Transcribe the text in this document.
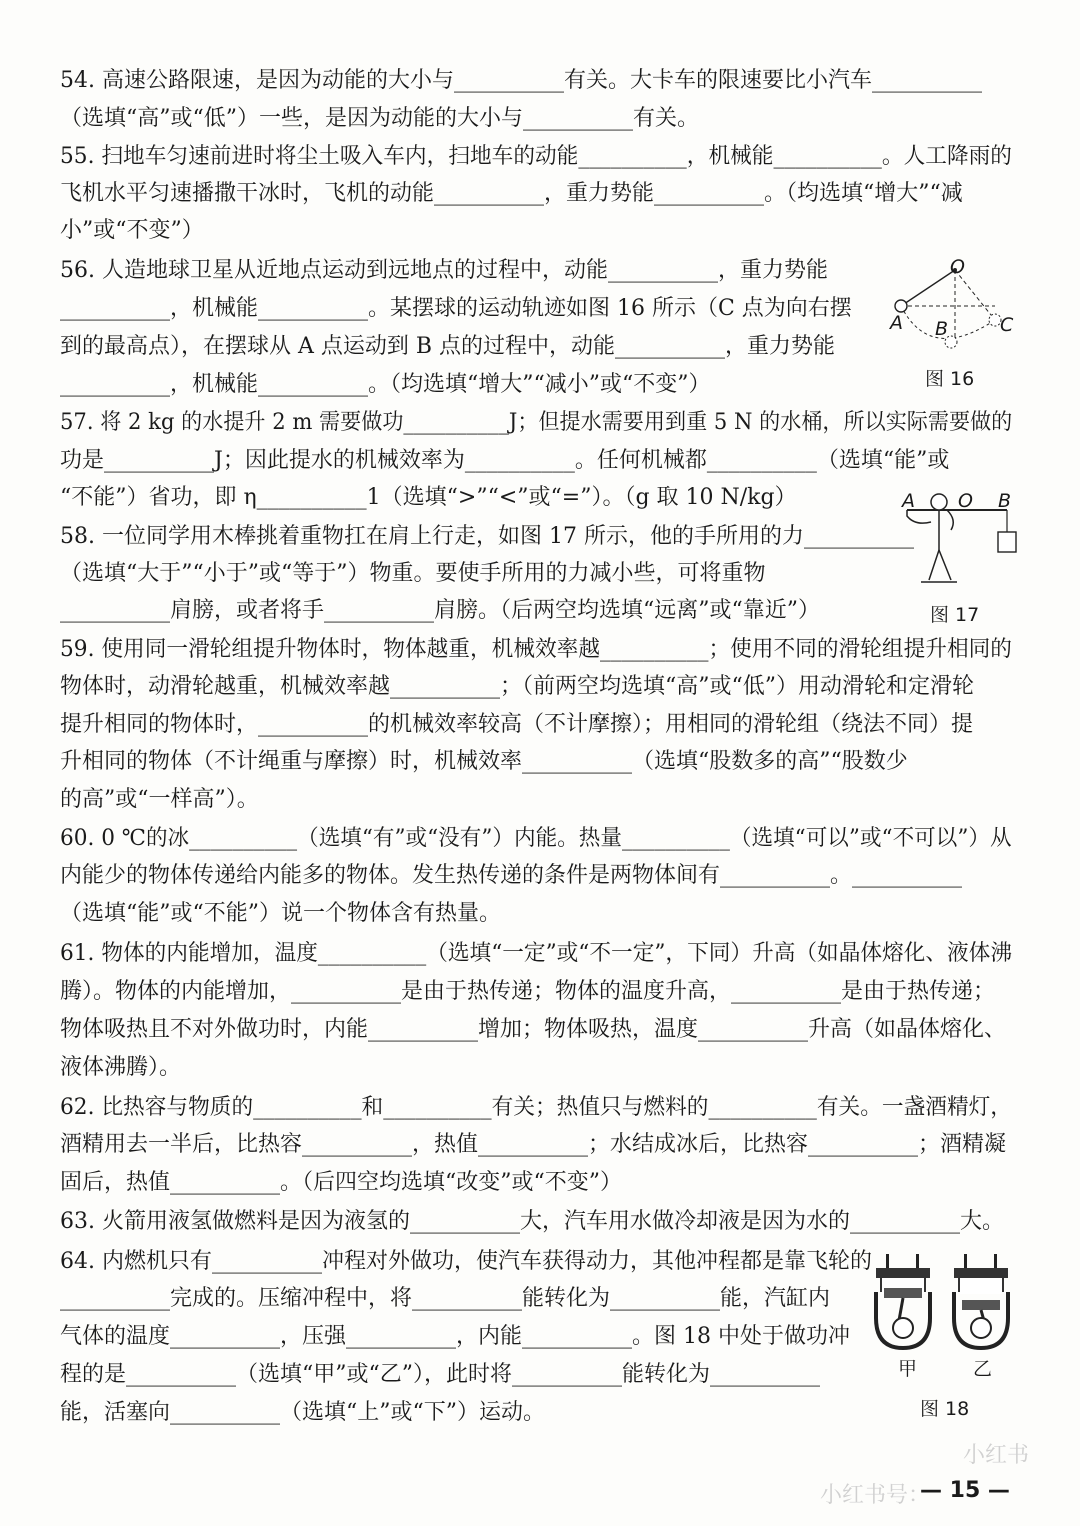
54. 高速公路限速，是因为动能的大小与__________有关。大卡车的限速要比小汽车__________
（选填“高”或“低”）一些，是因为动能的大小与__________有关。
55. 扫地车匀速前进时将尘土吸入车内，扫地车的动能__________，机械能__________。人工降雨的
飞机水平匀速播撒干冰时，飞机的动能__________，重力势能__________。（均选填“增大”“减
小”或“不变”）
56. 人造地球卫星从近地点运动到远地点的过程中，动能__________，重力势能
__________，机械能__________。某摆球的运动轨迹如图 16 所示（C 点为向右摆
到的最高点），在摆球从 A 点运动到 B 点的过程中，动能__________，重力势能
__________，机械能__________。（均选填“增大”“减小”或“不变”）
57. 将 2 kg 的水提升 2 m 需要做功__________J；但提水需要用到重 5 N 的水桶，所以实际需要做的
功是__________J；因此提水的机械效率为__________。任何机械都__________（选填“能”或
“不能”）省功，即 η__________1（选填“>”“<”或“=”）。（g 取 10 N/kg）
58. 一位同学用木棒挑着重物扛在肩上行走，如图 17 所示，他的手所用的力__________
（选填“大于”“小于”或“等于”）物重。要使手所用的力减小些，可将重物
__________肩膀，或者将手__________肩膀。（后两空均选填“远离”或“靠近”）
59. 使用同一滑轮组提升物体时，物体越重，机械效率越__________；使用不同的滑轮组提升相同的
物体时，动滑轮越重，机械效率越__________；（前两空均选填“高”或“低”）用动滑轮和定滑轮
提升相同的物体时，__________的机械效率较高（不计摩擦）；用相同的滑轮组（绕法不同）提
升相同的物体（不计绳重与摩擦）时，机械效率__________（选填“股数多的高”“股数少
的高”或“一样高”）。
60. 0 ℃的冰__________（选填“有”或“没有”）内能。热量__________（选填“可以”或“不可以”）从
内能少的物体传递给内能多的物体。发生热传递的条件是两物体间有__________。__________
（选填“能”或“不能”）说一个物体含有热量。
61. 物体的内能增加，温度__________（选填“一定”或“不一定”，下同）升高（如晶体熔化、液体沸
腾）。物体的内能增加，__________是由于热传递；物体的温度升高，__________是由于热传递；
物体吸热且不对外做功时，内能__________增加；物体吸热，温度__________升高（如晶体熔化、
液体沸腾）。
62. 比热容与物质的__________和__________有关；热值只与燃料的__________有关。一盏酒精灯，
酒精用去一半后，比热容__________，热值__________；水结成冰后，比热容__________；酒精凝
固后，热值__________。（后四空均选填“改变”或“不变”）
63. 火箭用液氢做燃料是因为液氢的__________大，汽车用水做冷却液是因为水的__________大。
64. 内燃机只有__________冲程对外做功，使汽车获得动力，其他冲程都是靠飞轮的
__________完成的。压缩冲程中，将__________能转化为__________能，汽缸内
气体的温度__________，压强__________，内能__________。图 18 中处于做功冲
程的是__________（选填“甲”或“乙”），此时将__________能转化为__________
能，活塞向__________（选填“上”或“下”）运动。
O
A B	C
图 16
A O B
图 17
甲	乙
图 18
小红书
小红书号：
— 15 —
